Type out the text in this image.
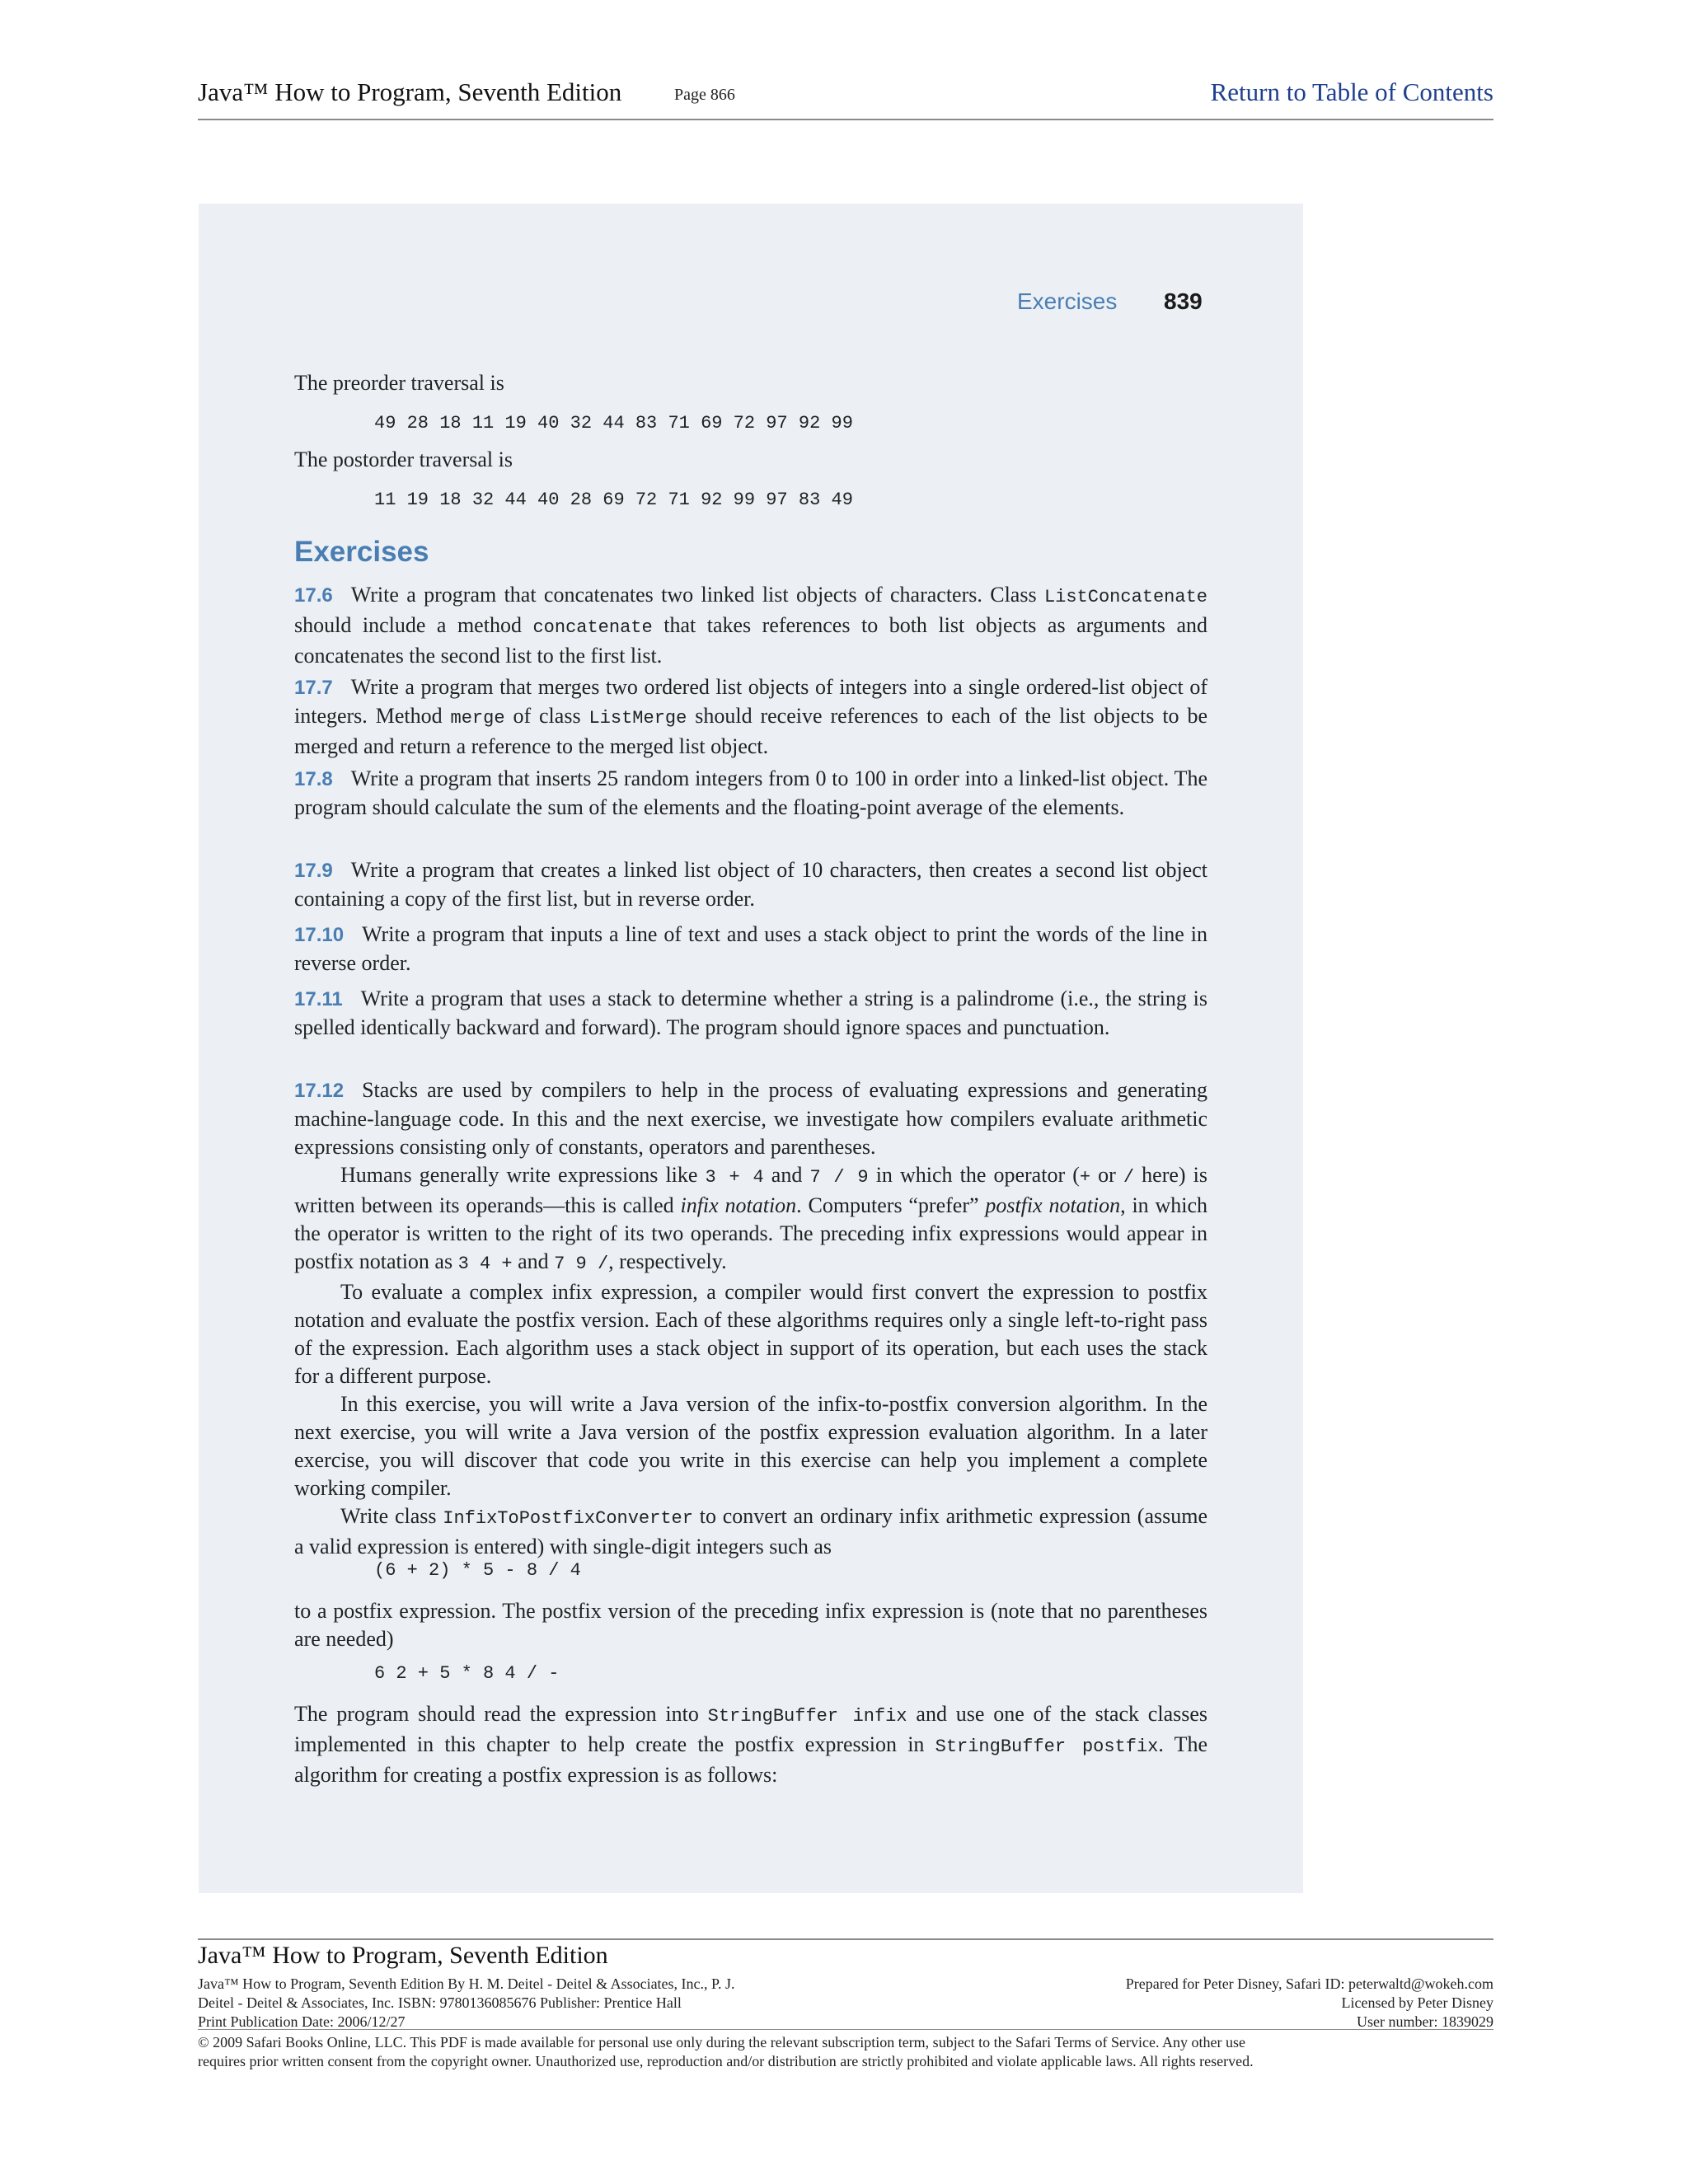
Java™ How to Program, Seventh Edition	Page 866	Return to Table of Contents
Exercises 839
The preorder traversal is
49 28 18 11 19 40 32 44 83 71 69 72 97 92 99
The postorder traversal is
11 19 18 32 44 40 28 69 72 71 92 99 97 83 49
Exercises
17.6 Write a program that concatenates two linked list objects of characters. Class ListConcatenate should include a method concatenate that takes references to both list objects as arguments and concatenates the second list to the first list.
17.7 Write a program that merges two ordered list objects of integers into a single ordered-list object of integers. Method merge of class ListMerge should receive references to each of the list objects to be merged and return a reference to the merged list object.
17.8 Write a program that inserts 25 random integers from 0 to 100 in order into a linked-list object. The program should calculate the sum of the elements and the floating-point average of the elements.
17.9 Write a program that creates a linked list object of 10 characters, then creates a second list object containing a copy of the first list, but in reverse order.
17.10 Write a program that inputs a line of text and uses a stack object to print the words of the line in reverse order.
17.11 Write a program that uses a stack to determine whether a string is a palindrome (i.e., the string is spelled identically backward and forward). The program should ignore spaces and punctuation.
17.12 Stacks are used by compilers to help in the process of evaluating expressions and generating machine-language code. In this and the next exercise, we investigate how compilers evaluate arithmetic expressions consisting only of constants, operators and parentheses.
Humans generally write expressions like 3 + 4 and 7 / 9 in which the operator (+ or / here) is written between its operands—this is called infix notation. Computers “prefer” postfix notation, in which the operator is written to the right of its two operands. The preceding infix expressions would appear in postfix notation as 3 4 + and 7 9 /, respectively.
To evaluate a complex infix expression, a compiler would first convert the expression to postfix notation and evaluate the postfix version. Each of these algorithms requires only a single left-to-right pass of the expression. Each algorithm uses a stack object in support of its operation, but each uses the stack for a different purpose.
In this exercise, you will write a Java version of the infix-to-postfix conversion algorithm. In the next exercise, you will write a Java version of the postfix expression evaluation algorithm. In a later exercise, you will discover that code you write in this exercise can help you implement a complete working compiler.
Write class InfixToPostfixConverter to convert an ordinary infix arithmetic expression (assume a valid expression is entered) with single-digit integers such as
(6 + 2) * 5 - 8 / 4
to a postfix expression. The postfix version of the preceding infix expression is (note that no parentheses are needed)
6 2 + 5 * 8 4 / -
The program should read the expression into StringBuffer infix and use one of the stack classes implemented in this chapter to help create the postfix expression in StringBuffer postfix. The algorithm for creating a postfix expression is as follows:
Java™ How to Program, Seventh Edition
Java™ How to Program, Seventh Edition By H. M. Deitel - Deitel & Associates, Inc., P. J.
Deitel - Deitel & Associates, Inc. ISBN: 9780136085676 Publisher: Prentice Hall
Print Publication Date: 2006/12/27
Prepared for Peter Disney, Safari ID: peterwaltd@wokeh.com
Licensed by Peter Disney
User number: 1839029
© 2009 Safari Books Online, LLC. This PDF is made available for personal use only during the relevant subscription term, subject to the Safari Terms of Service. Any other use
requires prior written consent from the copyright owner. Unauthorized use, reproduction and/or distribution are strictly prohibited and violate applicable laws. All rights reserved.
